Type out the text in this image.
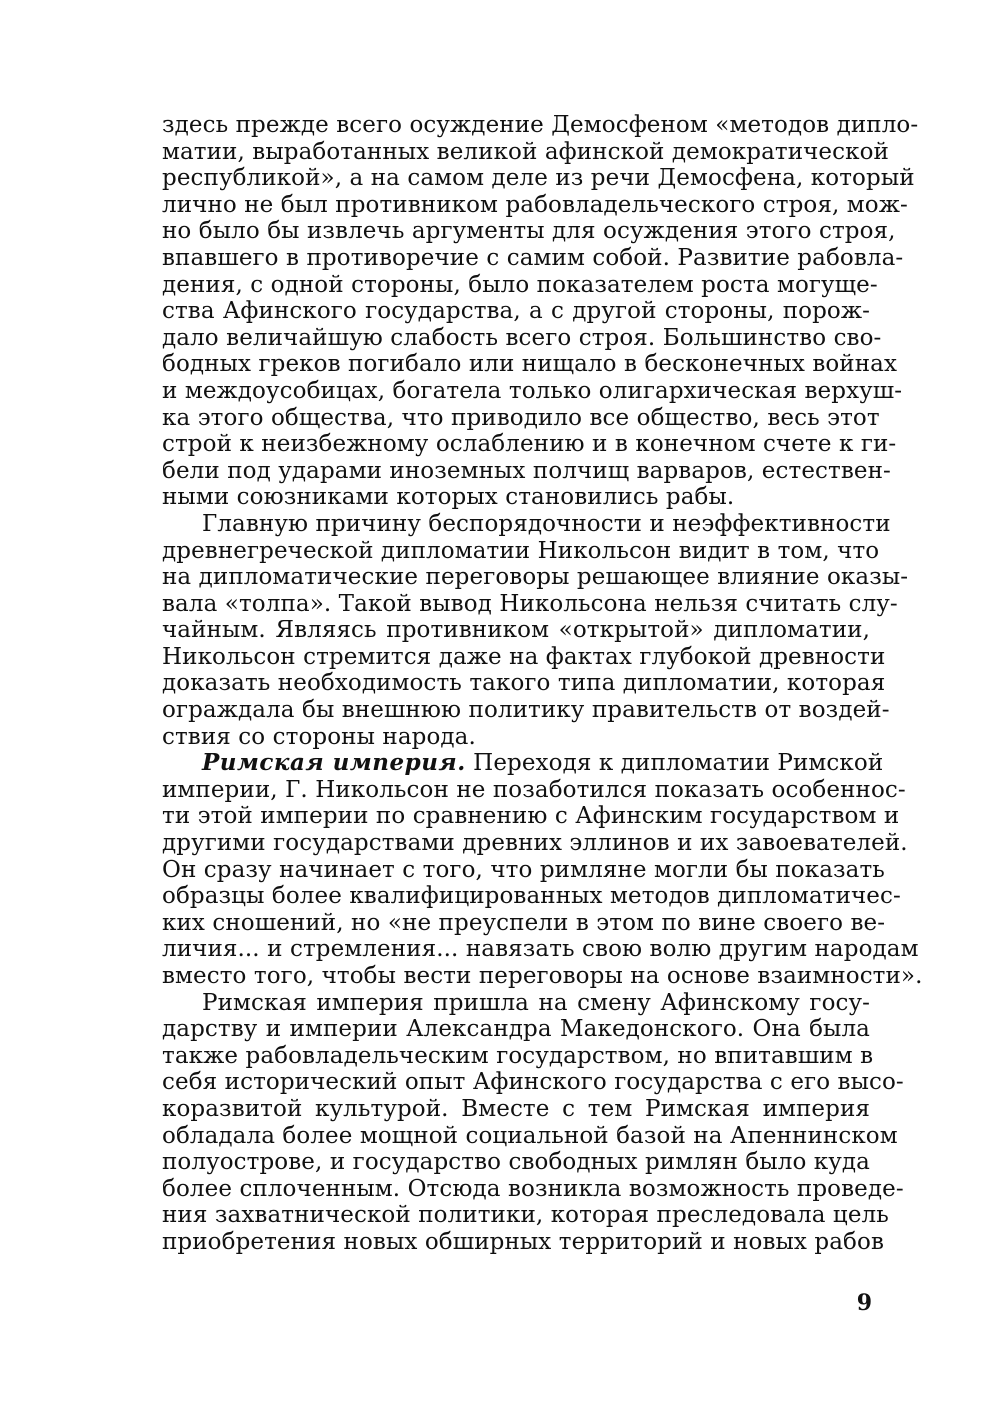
здесь прежде всего осуждение Демосфеном «методов дипло-
матии, выработанных великой афинской демократической
республикой», а на самом деле из речи Демосфена, который
лично не был противником рабовладельческого строя, мож-
но было бы извлечь аргументы для осуждения этого строя,
впавшего в противоречие с самим собой. Развитие рабовла-
дения, с одной стороны, было показателем роста могуще-
ства Афинского государства, а с другой стороны, порож-
дало величайшую слабость всего строя. Большинство сво-
бодных греков погибало или нищало в бесконечных войнах
и междоусобицах, богатела только олигархическая верхуш-
ка этого общества, что приводило все общество, весь этот
строй к неизбежному ослаблению и в конечном счете к ги-
бели под ударами иноземных полчищ варваров, естествен-
ными союзниками которых становились рабы.
Главную причину беспорядочности и неэффективности
древнегреческой дипломатии Никольсон видит в том, что
на дипломатические переговоры решающее влияние оказы-
вала «толпа». Такой вывод Никольсона нельзя считать слу-
чайным. Являясь противником «открытой» дипломатии,
Никольсон стремится даже на фактах глубокой древности
доказать необходимость такого типа дипломатии, которая
ограждала бы внешнюю политику правительств от воздей-
ствия со стороны народа.
Римская империя. Переходя к дипломатии Римской
империи, Г. Никольсон не позаботился показать особеннос-
ти этой империи по сравнению с Афинским государством и
другими государствами древних эллинов и их завоевателей.
Он сразу начинает с того, что римляне могли бы показать
образцы более квалифицированных методов дипломатичес-
ких сношений, но «не преуспели в этом по вине своего ве-
личия... и стремления... навязать свою волю другим народам
вместо того, чтобы вести переговоры на основе взаимности».
Римская империя пришла на смену Афинскому госу-
дарству и империи Александра Македонского. Она была
также рабовладельческим государством, но впитавшим в
себя исторический опыт Афинского государства с его высо-
коразвитой культурой. Вместе с тем Римская империя
обладала более мощной социальной базой на Апеннинском
полуострове, и государство свободных римлян было куда
более сплоченным. Отсюда возникла возможность проведе-
ния захватнической политики, которая преследовала цель
приобретения новых обширных территорий и новых рабов
9
